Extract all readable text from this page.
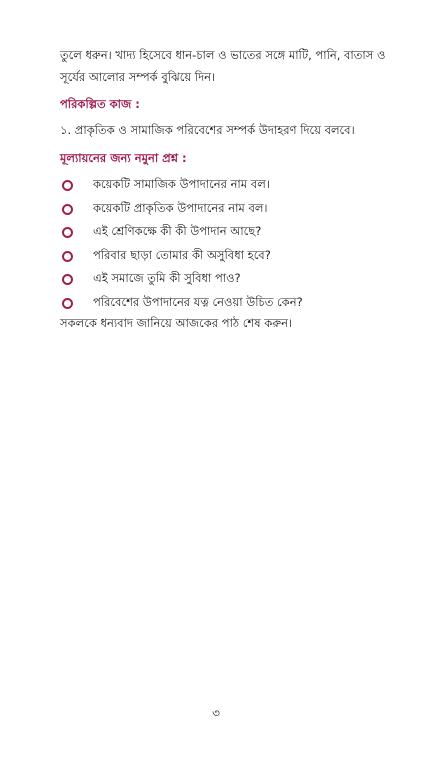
তুলে ধরুন। খাদ্য হিসেবে ধান-চাল ও ভাতের সঙ্গে মাটি, পানি, বাতাস ও সূর্যের আলোর সম্পর্ক বুঝিয়ে দিন।
পরিকল্পিত কাজ :
১. প্রাকৃতিক ও সামাজিক পরিবেশের সম্পর্ক উদাহরণ দিয়ে বলবে।
মূল্যায়নের জন্য নমুনা প্রশ্ন :
কয়েকটি সামাজিক উপাদানের নাম বল।
কয়েকটি প্রাকৃতিক উপাদানের নাম বল।
এই শ্রেণিকক্ষে কী কী উপাদান আছে?
পরিবার ছাড়া তোমার কী অসুবিধা হবে?
এই সমাজে তুমি কী সুবিধা পাও?
পরিবেশের উপাদানের যত্ন নেওয়া উচিত কেন?
সকলকে ধন্যবাদ জানিয়ে আজকের পাঠ শেষ করুন।
৩
